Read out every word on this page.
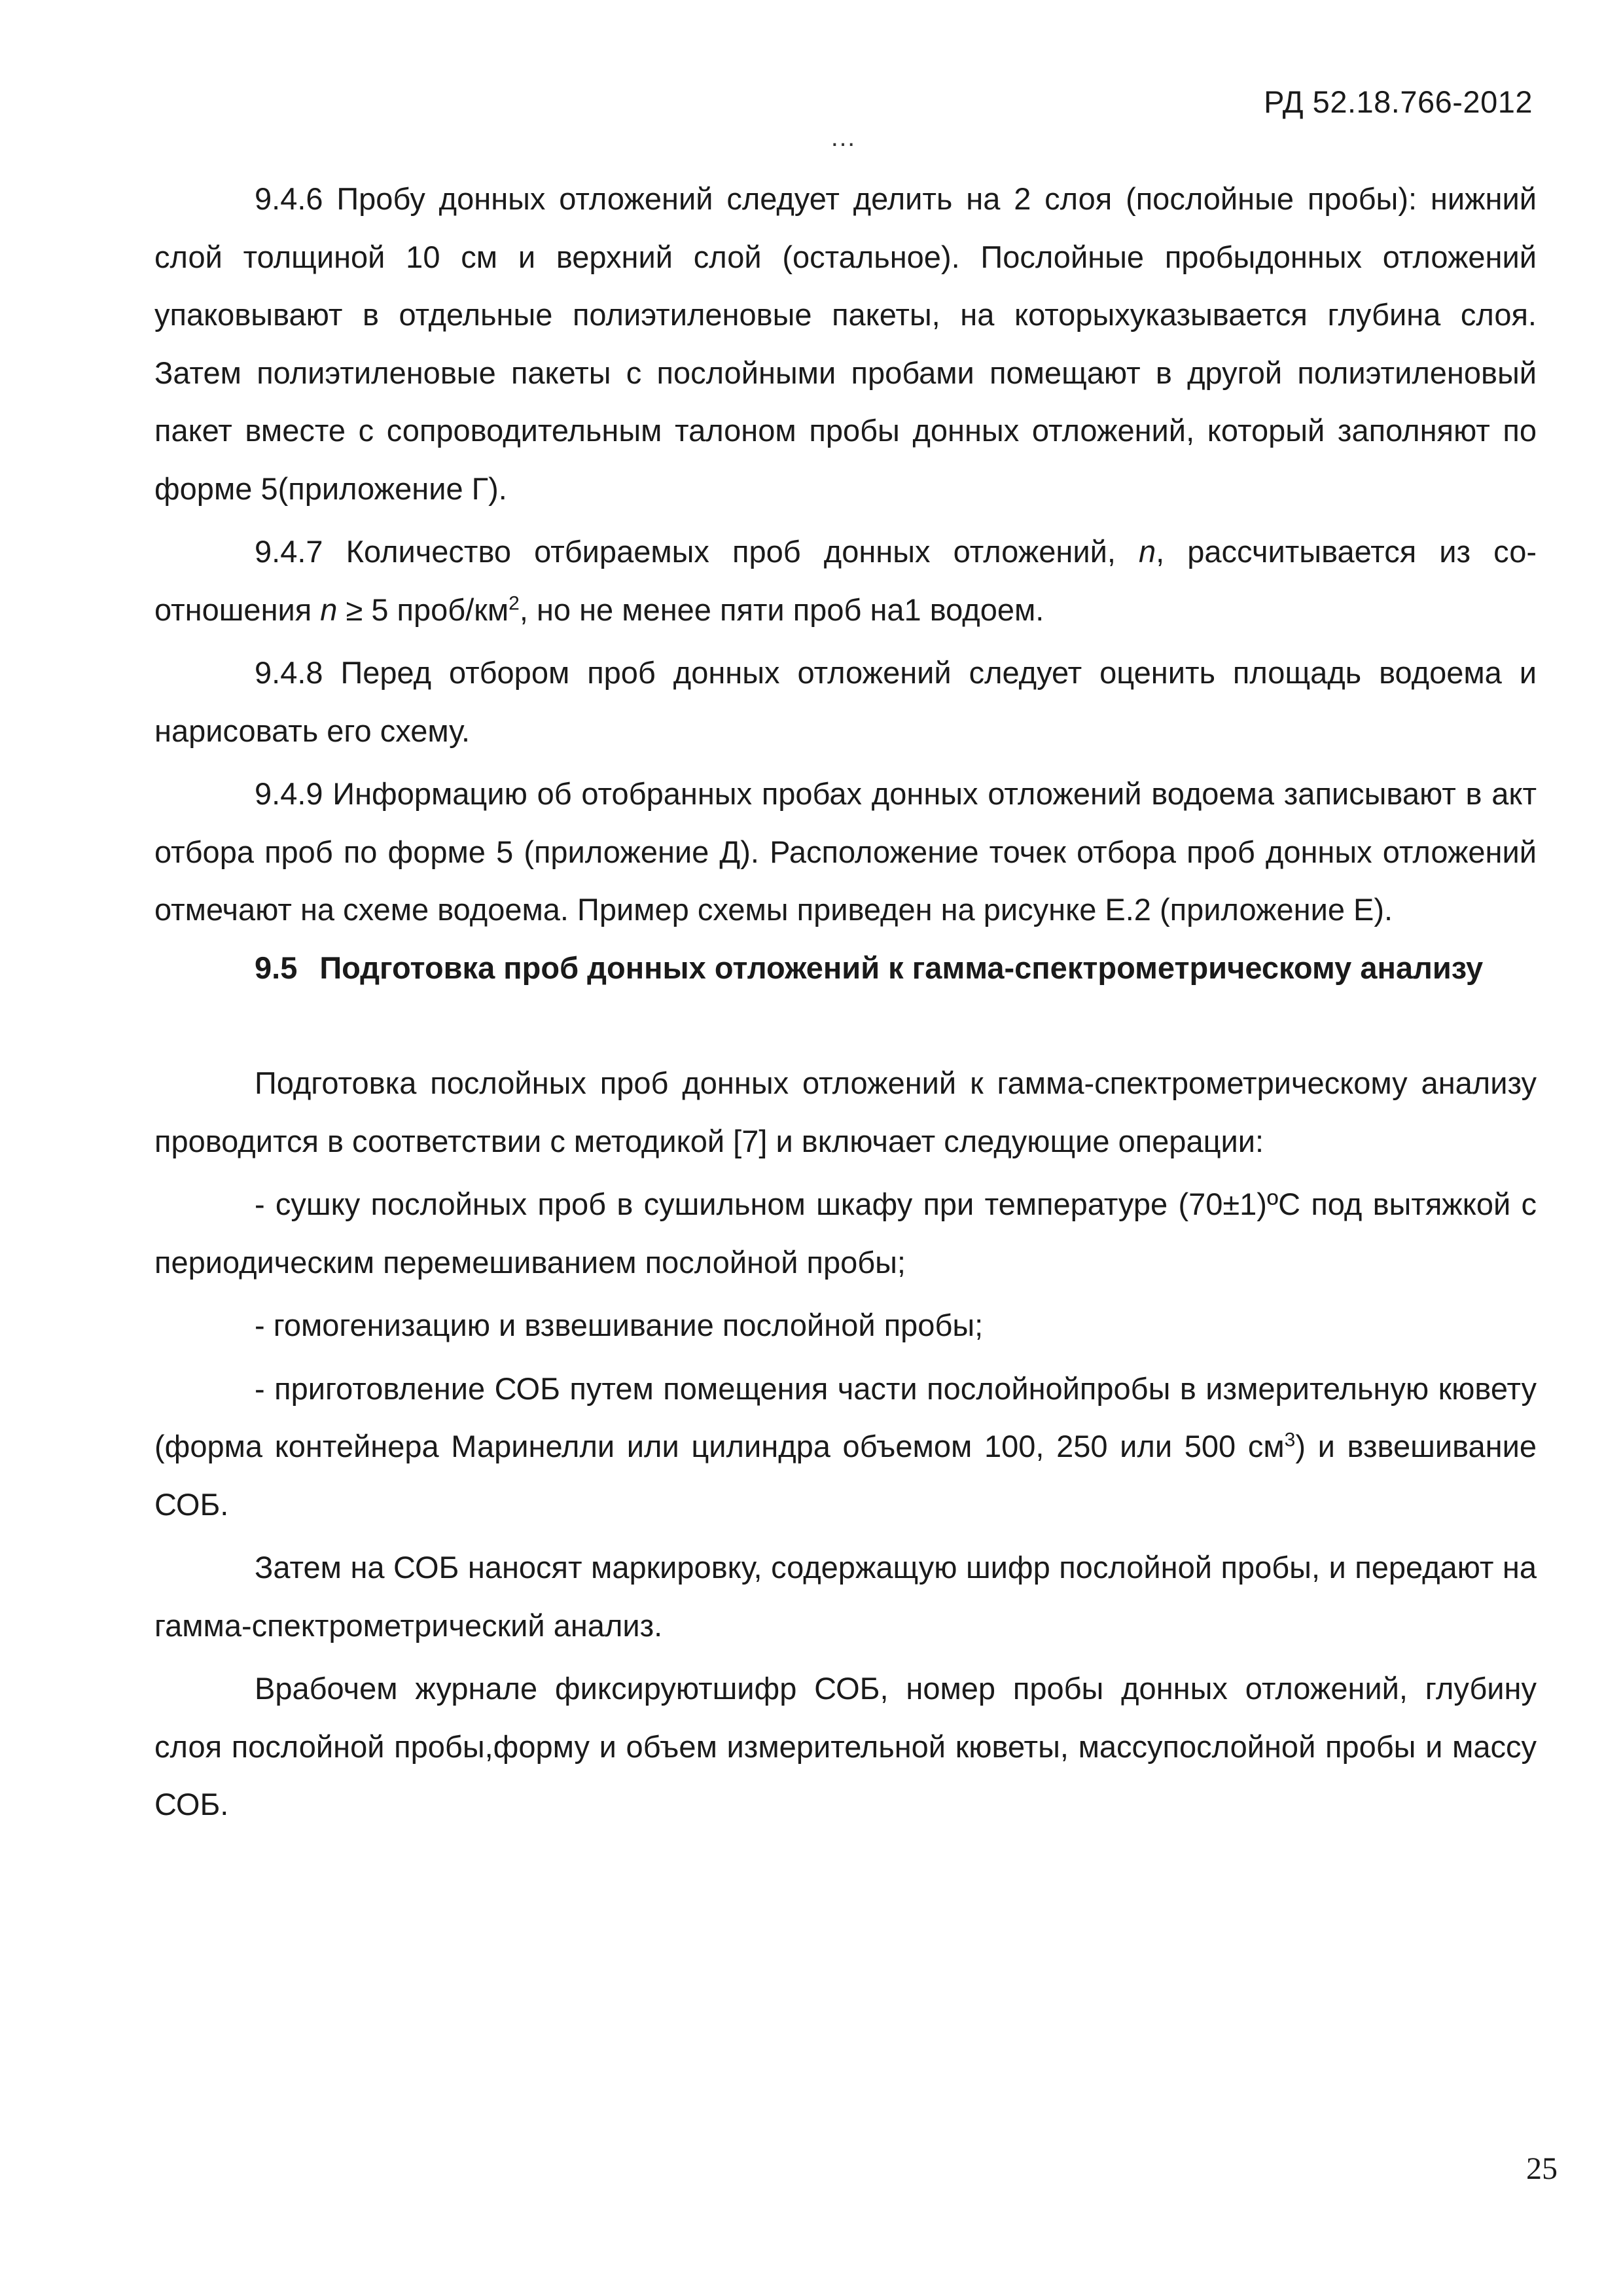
РД 52.18.766-2012
…

9.4.6 Пробу донных отложений следует делить на 2 слоя (послойные пробы): нижний слой толщиной 10 см и верхний слой (остальное). Послойные пробыдонных отложений упаковывают в отдельные полиэтиленовые пакеты, на которыхуказывается глубина слоя. Затем полиэтиленовые пакеты с послойными пробами помещают в другой полиэтиленовый пакет вместе с сопроводительным талоном пробы донных отложений, который заполняют по форме 5(приложение Г).

9.4.7 Количество отбираемых проб донных отложений, n, рассчитывается из соотношения n ≥ 5 проб/$км^2$, но не менее пяти проб на1 водоем.

9.4.8 Перед отбором проб донных отложений следует оценить площадь водоема и нарисовать его схему.

9.4.9 Информацию об отобранных пробах донных отложений водоема записывают в акт отбора проб по форме 5 (приложение Д). Расположение точек отбора проб донных отложений отмечают на схеме водоема. Пример схемы приведен на рисунке Е.2 (приложение Е).

9.5 Подготовка проб донных отложений к гамма-спектрометрическому анализу

Подготовка послойных проб донных отложений к гамма-спектрометрическому анализу проводится в соответствии с методикой [7] и включает следующие операции:

- сушку послойных проб в сушильном шкафу при температуре (70±1)ºС под вытяжкой с периодическим перемешиванием послойной пробы;

- гомогенизацию и взвешивание послойной пробы;

- приготовление СОБ путем помещения части послойнойпробы в измерительную кювету (форма контейнера Маринелли или цилиндра объемом 100, 250 или 500 $см^3$) и взвешивание СОБ.

Затем на СОБ наносят маркировку, содержащую шифр послойной пробы, и передают на гамма-спектрометрический анализ.

Врабочем журнале фиксируютшифр СОБ, номер пробы донных отложений, глубину слоя послойной пробы,форму и объем измерительной кюветы, массупослойной пробы и массу СОБ.

25
